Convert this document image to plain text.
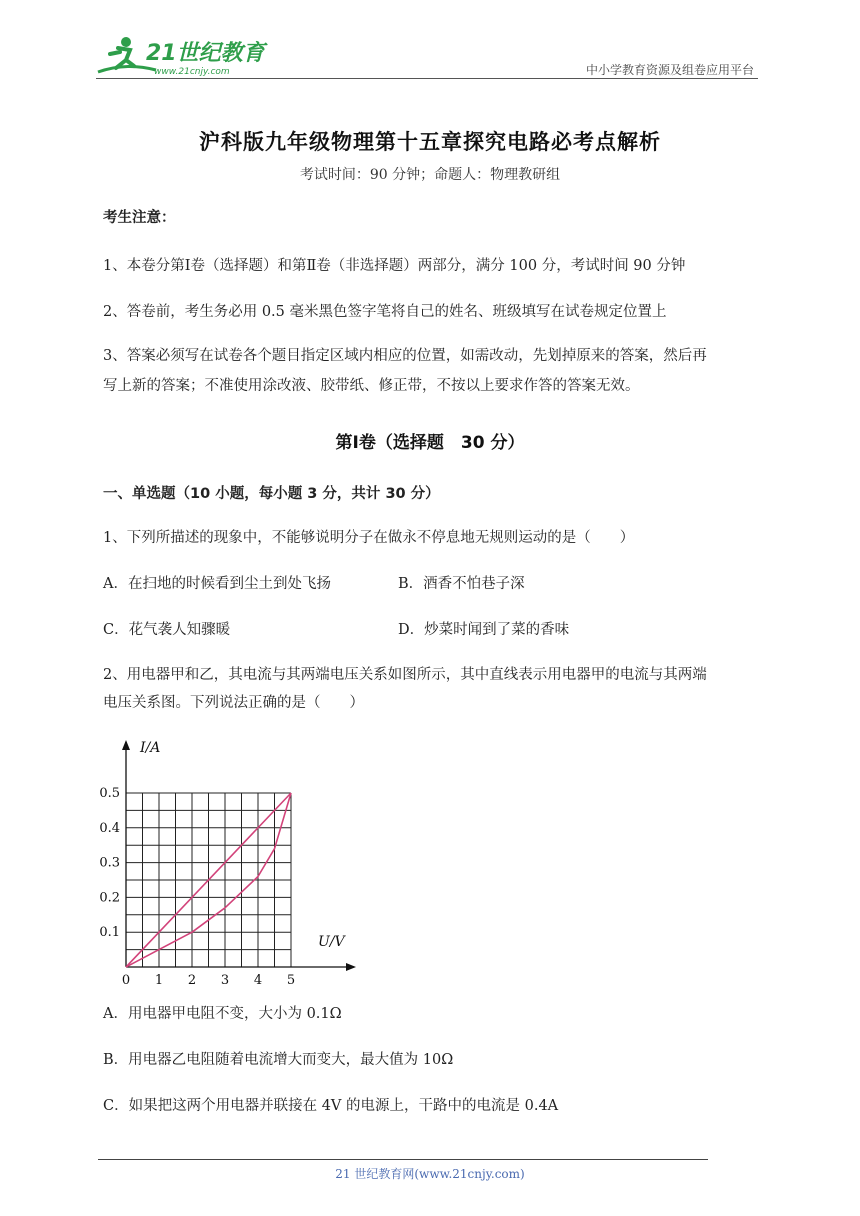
21世纪教育
www.21cnjy.com	中小学教育资源及组卷应用平台
沪科版九年级物理第十五章探究电路必考点解析
考试时间：90 分钟；命题人：物理教研组
考生注意：
1、本卷分第Ⅰ卷（选择题）和第Ⅱ卷（非选择题）两部分，满分 100 分，考试时间 90 分钟
2、答卷前，考生务必用 0.5 毫米黑色签字笔将自己的姓名、班级填写在试卷规定位置上
3、答案必须写在试卷各个题目指定区域内相应的位置，如需改动，先划掉原来的答案，然后再
写上新的答案；不准使用涂改液、胶带纸、修正带，不按以上要求作答的答案无效。
第Ⅰ卷（选择题　30 分）
一、单选题（10 小题，每小题 3 分，共计 30 分）
1、下列所描述的现象中，不能够说明分子在做永不停息地无规则运动的是（　　）
A．在扫地的时候看到尘土到处飞扬	B．酒香不怕巷子深
C．花气袭人知骤暖	D．炒菜时闻到了菜的香味
2、用电器甲和乙，其电流与其两端电压关系如图所示，其中直线表示用电器甲的电流与其两端
电压关系图。下列说法正确的是（　　）
0 1 2 3 4 5
0.1
0.2
0.3
0.4
0.5
I/A
U/V
A．用电器甲电阻不变，大小为 0.1Ω
B．用电器乙电阻随着电流增大而变大，最大值为 10Ω
C．如果把这两个用电器并联接在 4V 的电源上，干路中的电流是 0.4A
21 世纪教育网(www.21cnjy.com)
